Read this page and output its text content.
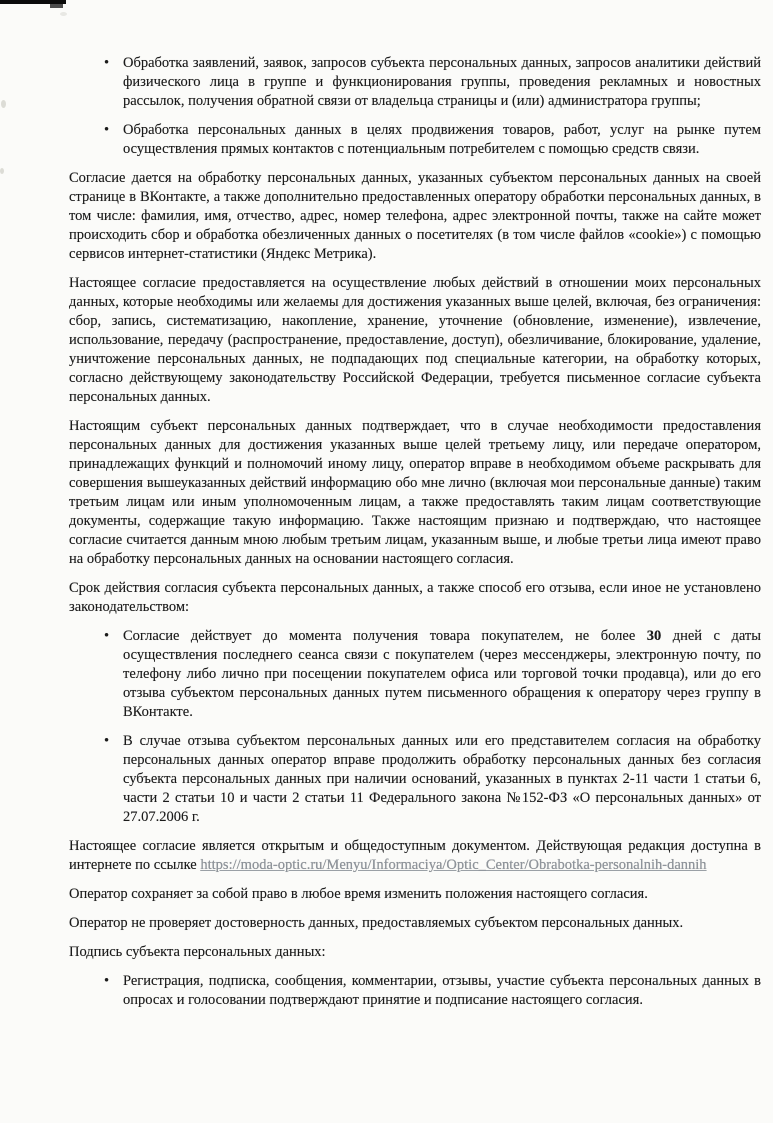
• Обработка заявлений, заявок, запросов субъекта персональных данных, запросов аналитики действий физического лица в группе и функционирования группы, проведения рекламных и новостных рассылок, получения обратной связи от владельца страницы и (или) администратора группы;
• Обработка персональных данных в целях продвижения товаров, работ, услуг на рынке путем осуществления прямых контактов с потенциальным потребителем с помощью средств связи.
Согласие дается на обработку персональных данных, указанных субъектом персональных данных на своей странице в ВКонтакте, а также дополнительно предоставленных оператору обработки персональных данных, в том числе: фамилия, имя, отчество, адрес, номер телефона, адрес электронной почты, также на сайте может происходить сбор и обработка обезличенных данных о посетителях (в том числе файлов «cookie») с помощью сервисов интернет-статистики (Яндекс Метрика).
Настоящее согласие предоставляется на осуществление любых действий в отношении моих персональных данных, которые необходимы или желаемы для достижения указанных выше целей, включая, без ограничения: сбор, запись, систематизацию, накопление, хранение, уточнение (обновление, изменение), извлечение, использование, передачу (распространение, предоставление, доступ), обезличивание, блокирование, удаление, уничтожение персональных данных, не подпадающих под специальные категории, на обработку которых, согласно действующему законодательству Российской Федерации, требуется письменное согласие субъекта персональных данных.
Настоящим субъект персональных данных подтверждает, что в случае необходимости предоставления персональных данных для достижения указанных выше целей третьему лицу, или передаче оператором, принадлежащих функций и полномочий иному лицу, оператор вправе в необходимом объеме раскрывать для совершения вышеуказанных действий информацию обо мне лично (включая мои персональные данные) таким третьим лицам или иным уполномоченным лицам, а также предоставлять таким лицам соответствующие документы, содержащие такую информацию. Также настоящим признаю и подтверждаю, что настоящее согласие считается данным мною любым третьим лицам, указанным выше, и любые третьи лица имеют право на обработку персональных данных на основании настоящего согласия.
Срок действия согласия субъекта персональных данных, а также способ его отзыва, если иное не установлено законодательством:
• Согласие действует до момента получения товара покупателем, не более 30 дней с даты осуществления последнего сеанса связи с покупателем (через мессенджеры, электронную почту, по телефону либо лично при посещении покупателем офиса или торговой точки продавца), или до его отзыва субъектом персональных данных путем письменного обращения к оператору через группу в ВКонтакте.
• В случае отзыва субъектом персональных данных или его представителем согласия на обработку персональных данных оператор вправе продолжить обработку персональных данных без согласия субъекта персональных данных при наличии оснований, указанных в пунктах 2-11 части 1 статьи 6, части 2 статьи 10 и части 2 статьи 11 Федерального закона №152-ФЗ «О персональных данных» от 27.07.2006 г.
Настоящее согласие является открытым и общедоступным документом. Действующая редакция доступна в интернете по ссылке https://moda-optic.ru/Menyu/Informaciya/Optic_Center/Obrabotka-personalnih-dannih
Оператор сохраняет за собой право в любое время изменить положения настоящего согласия.
Оператор не проверяет достоверность данных, предоставляемых субъектом персональных данных.
Подпись субъекта персональных данных:
• Регистрация, подписка, сообщения, комментарии, отзывы, участие субъекта персональных данных в опросах и голосовании подтверждают принятие и подписание настоящего согласия.
